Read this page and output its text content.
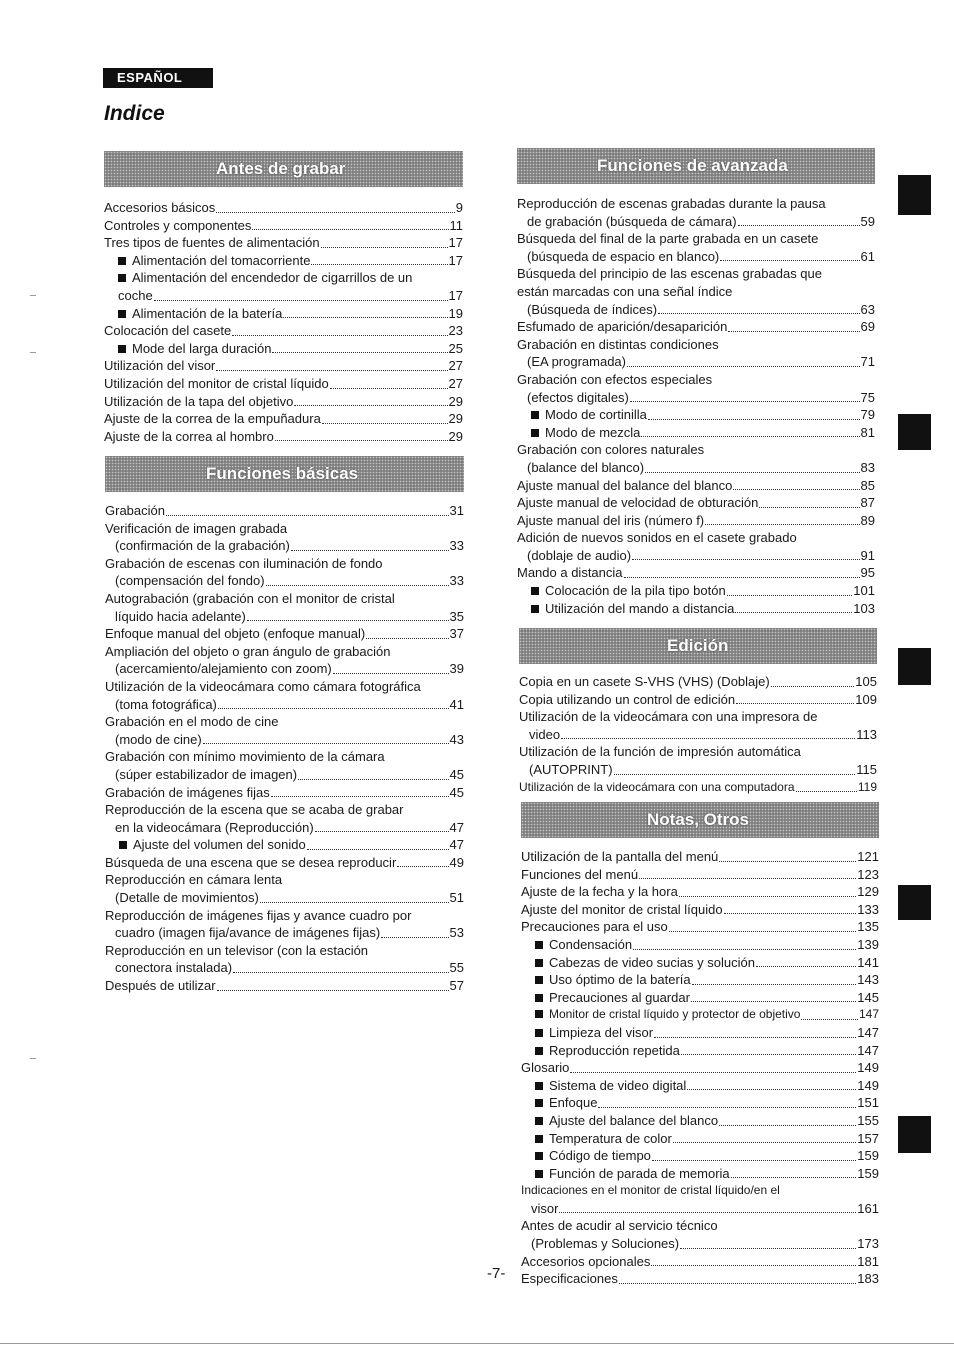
ESPAÑOL
Indice
Antes de grabar
Accesorios básicos	9
Controles y componentes	11
Tres tipos de fuentes de alimentación	17
Alimentación del tomacorriente	17
Alimentación del encendedor de cigarrillos de un
coche	17
Alimentación de la batería	19
Colocación del casete	23
Mode del larga duración	25
Utilización del visor	27
Utilización del monitor de cristal líquido	27
Utilización de la tapa del objetivo	29
Ajuste de la correa de la empuñadura	29
Ajuste de la correa al hombro	29
Funciones básicas
Grabación	31
Verificación de imagen grabada
(confirmación de la grabación)	33
Grabación de escenas con iluminación de fondo
(compensación del fondo)	33
Autograbación (grabación con el monitor de cristal
líquido hacia adelante)	35
Enfoque manual del objeto (enfoque manual)	37
Ampliación del objeto o gran ángulo de grabación
(acercamiento/alejamiento con zoom)	39
Utilización de la videocámara como cámara fotográfica
(toma fotográfica)	41
Grabación en el modo de cine
(modo de cine)	43
Grabación con mínimo movimiento de la cámara
(súper estabilizador de imagen)	45
Grabación de imágenes fijas	45
Reproducción de la escena que se acaba de grabar
en la videocámara (Reproducción)	47
Ajuste del volumen del sonido	47
Búsqueda de una escena que se desea reproducir	49
Reproducción en cámara lenta
(Detalle de movimientos)	51
Reproducción de imágenes fijas y avance cuadro por
cuadro (imagen fija/avance de imágenes fijas)	53
Reproducción en un televisor (con la estación
conectora instalada)	55
Después de utilizar	57
Funciones de avanzada
Reproducción de escenas grabadas durante la pausa
de grabación (búsqueda de cámara)	59
Búsqueda del final de la parte grabada en un casete
(búsqueda de espacio en blanco)	61
Búsqueda del principio de las escenas grabadas que
están marcadas con una señal índice
(Búsqueda de índices)	63
Esfumado de aparición/desaparición	69
Grabación en distintas condiciones
(EA programada)	71
Grabación con efectos especiales
(efectos digitales)	75
Modo de cortinilla	79
Modo de mezcla	81
Grabación con colores naturales
(balance del blanco)	83
Ajuste manual del balance del blanco	85
Ajuste manual de velocidad de obturación	87
Ajuste manual del iris (número f)	89
Adición de nuevos sonidos en el casete grabado
(doblaje de audio)	91
Mando a distancia	95
Colocación de la pila tipo botón	101
Utilización del mando a distancia	103
Edición
Copia en un casete S-VHS (VHS) (Doblaje)	105
Copia utilizando un control de edición	109
Utilización de la videocámara con una impresora de
video	113
Utilización de la función de impresión automática
(AUTOPRINT)	115
Utilización de la videocámara con una computadora	119
Notas, Otros
Utilización de la pantalla del menú	121
Funciones del menú	123
Ajuste de la fecha y la hora	129
Ajuste del monitor de cristal líquido	133
Precauciones para el uso	135
Condensación	139
Cabezas de video sucias y solución	141
Uso óptimo de la batería	143
Precauciones al guardar	145
Monitor de cristal líquido y protector de objetivo	147
Limpieza del visor	147
Reproducción repetida	147
Glosario	149
Sistema de video digital	149
Enfoque	151
Ajuste del balance del blanco	155
Temperatura de color	157
Código de tiempo	159
Función de parada de memoria	159
Indicaciones en el monitor de cristal líquido/en el
visor	161
Antes de acudir al servicio técnico
(Problemas y Soluciones)	173
Accesorios opcionales	181
Especificaciones	183
-7-
